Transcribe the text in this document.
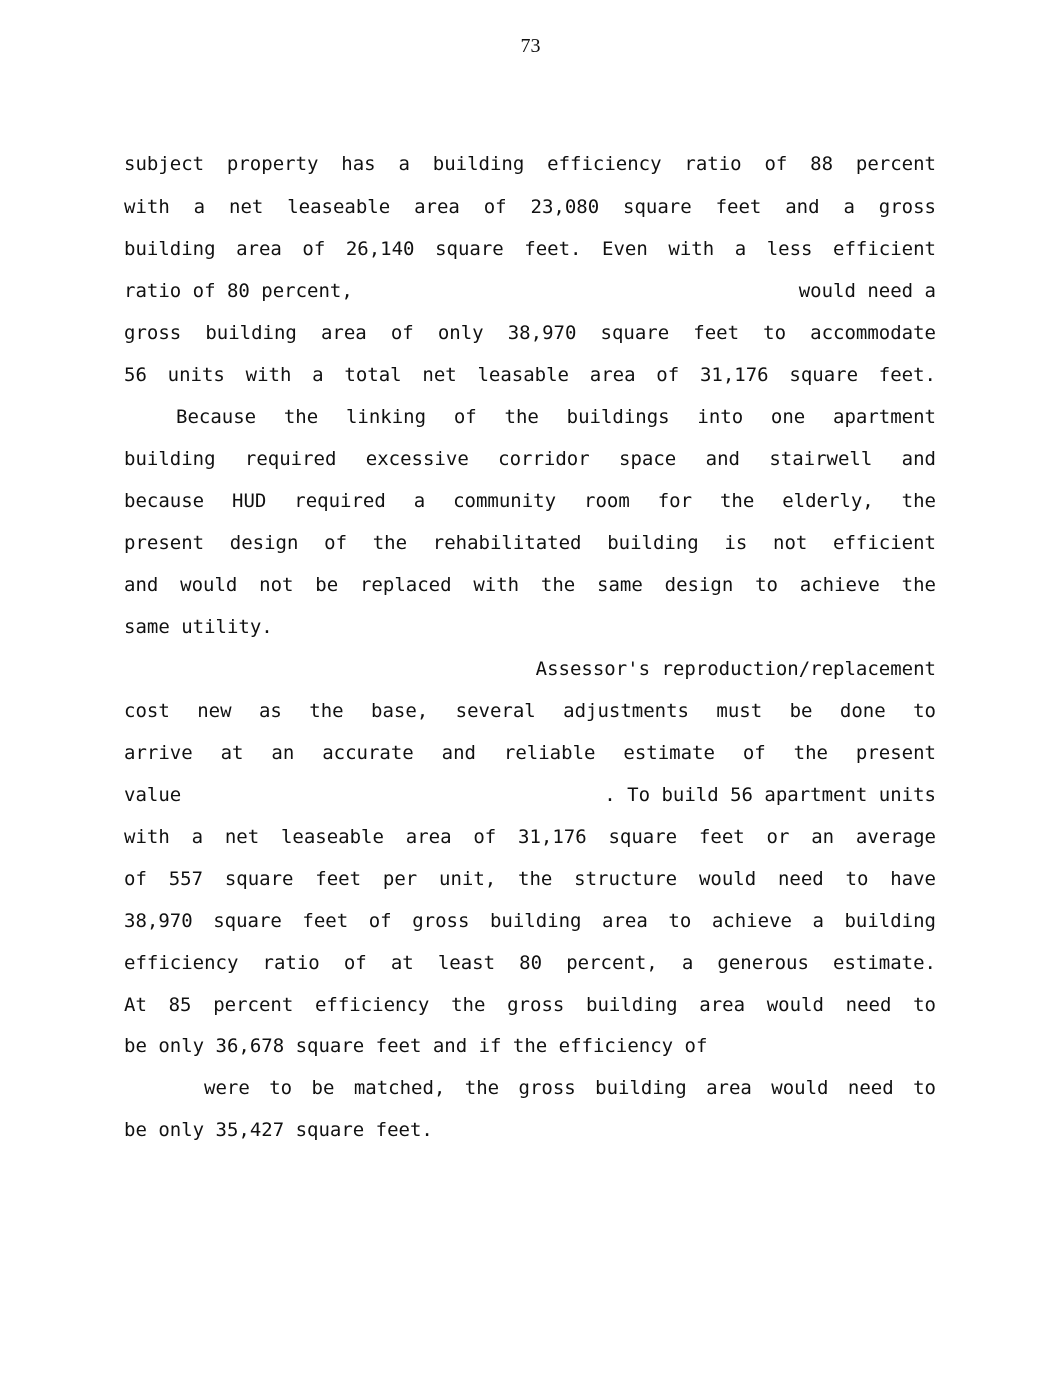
73
subject property has a building efficiency ratio of 88 percent
with a net leaseable area of 23,080 square feet and a gross
building area of 26,140 square feet. Even with a less efficient
ratio of 80 percent,	would need a
gross building area of only 38,970 square feet to accommodate
56 units with a total net leasable area of 31,176 square feet.
Because the linking of the buildings into one apartment
building required excessive corridor space and stairwell and
because HUD required a community room for the elderly, the
present design of the rehabilitated building is not efficient
and would not be replaced with the same design to achieve the
same utility.
Assessor's reproduction/replacement
cost new as the base, several adjustments must be done to
arrive at an accurate and reliable estimate of the present
value	. To build 56 apartment units
with a net leaseable area of 31,176 square feet or an average
of 557 square feet per unit, the structure would need to have
38,970 square feet of gross building area to achieve a building
efficiency ratio of at least 80 percent, a generous estimate.
At 85 percent efficiency the gross building area would need to
be only 36,678 square feet and if the efficiency of
were to be matched, the gross building area would need to
be only 35,427 square feet.
